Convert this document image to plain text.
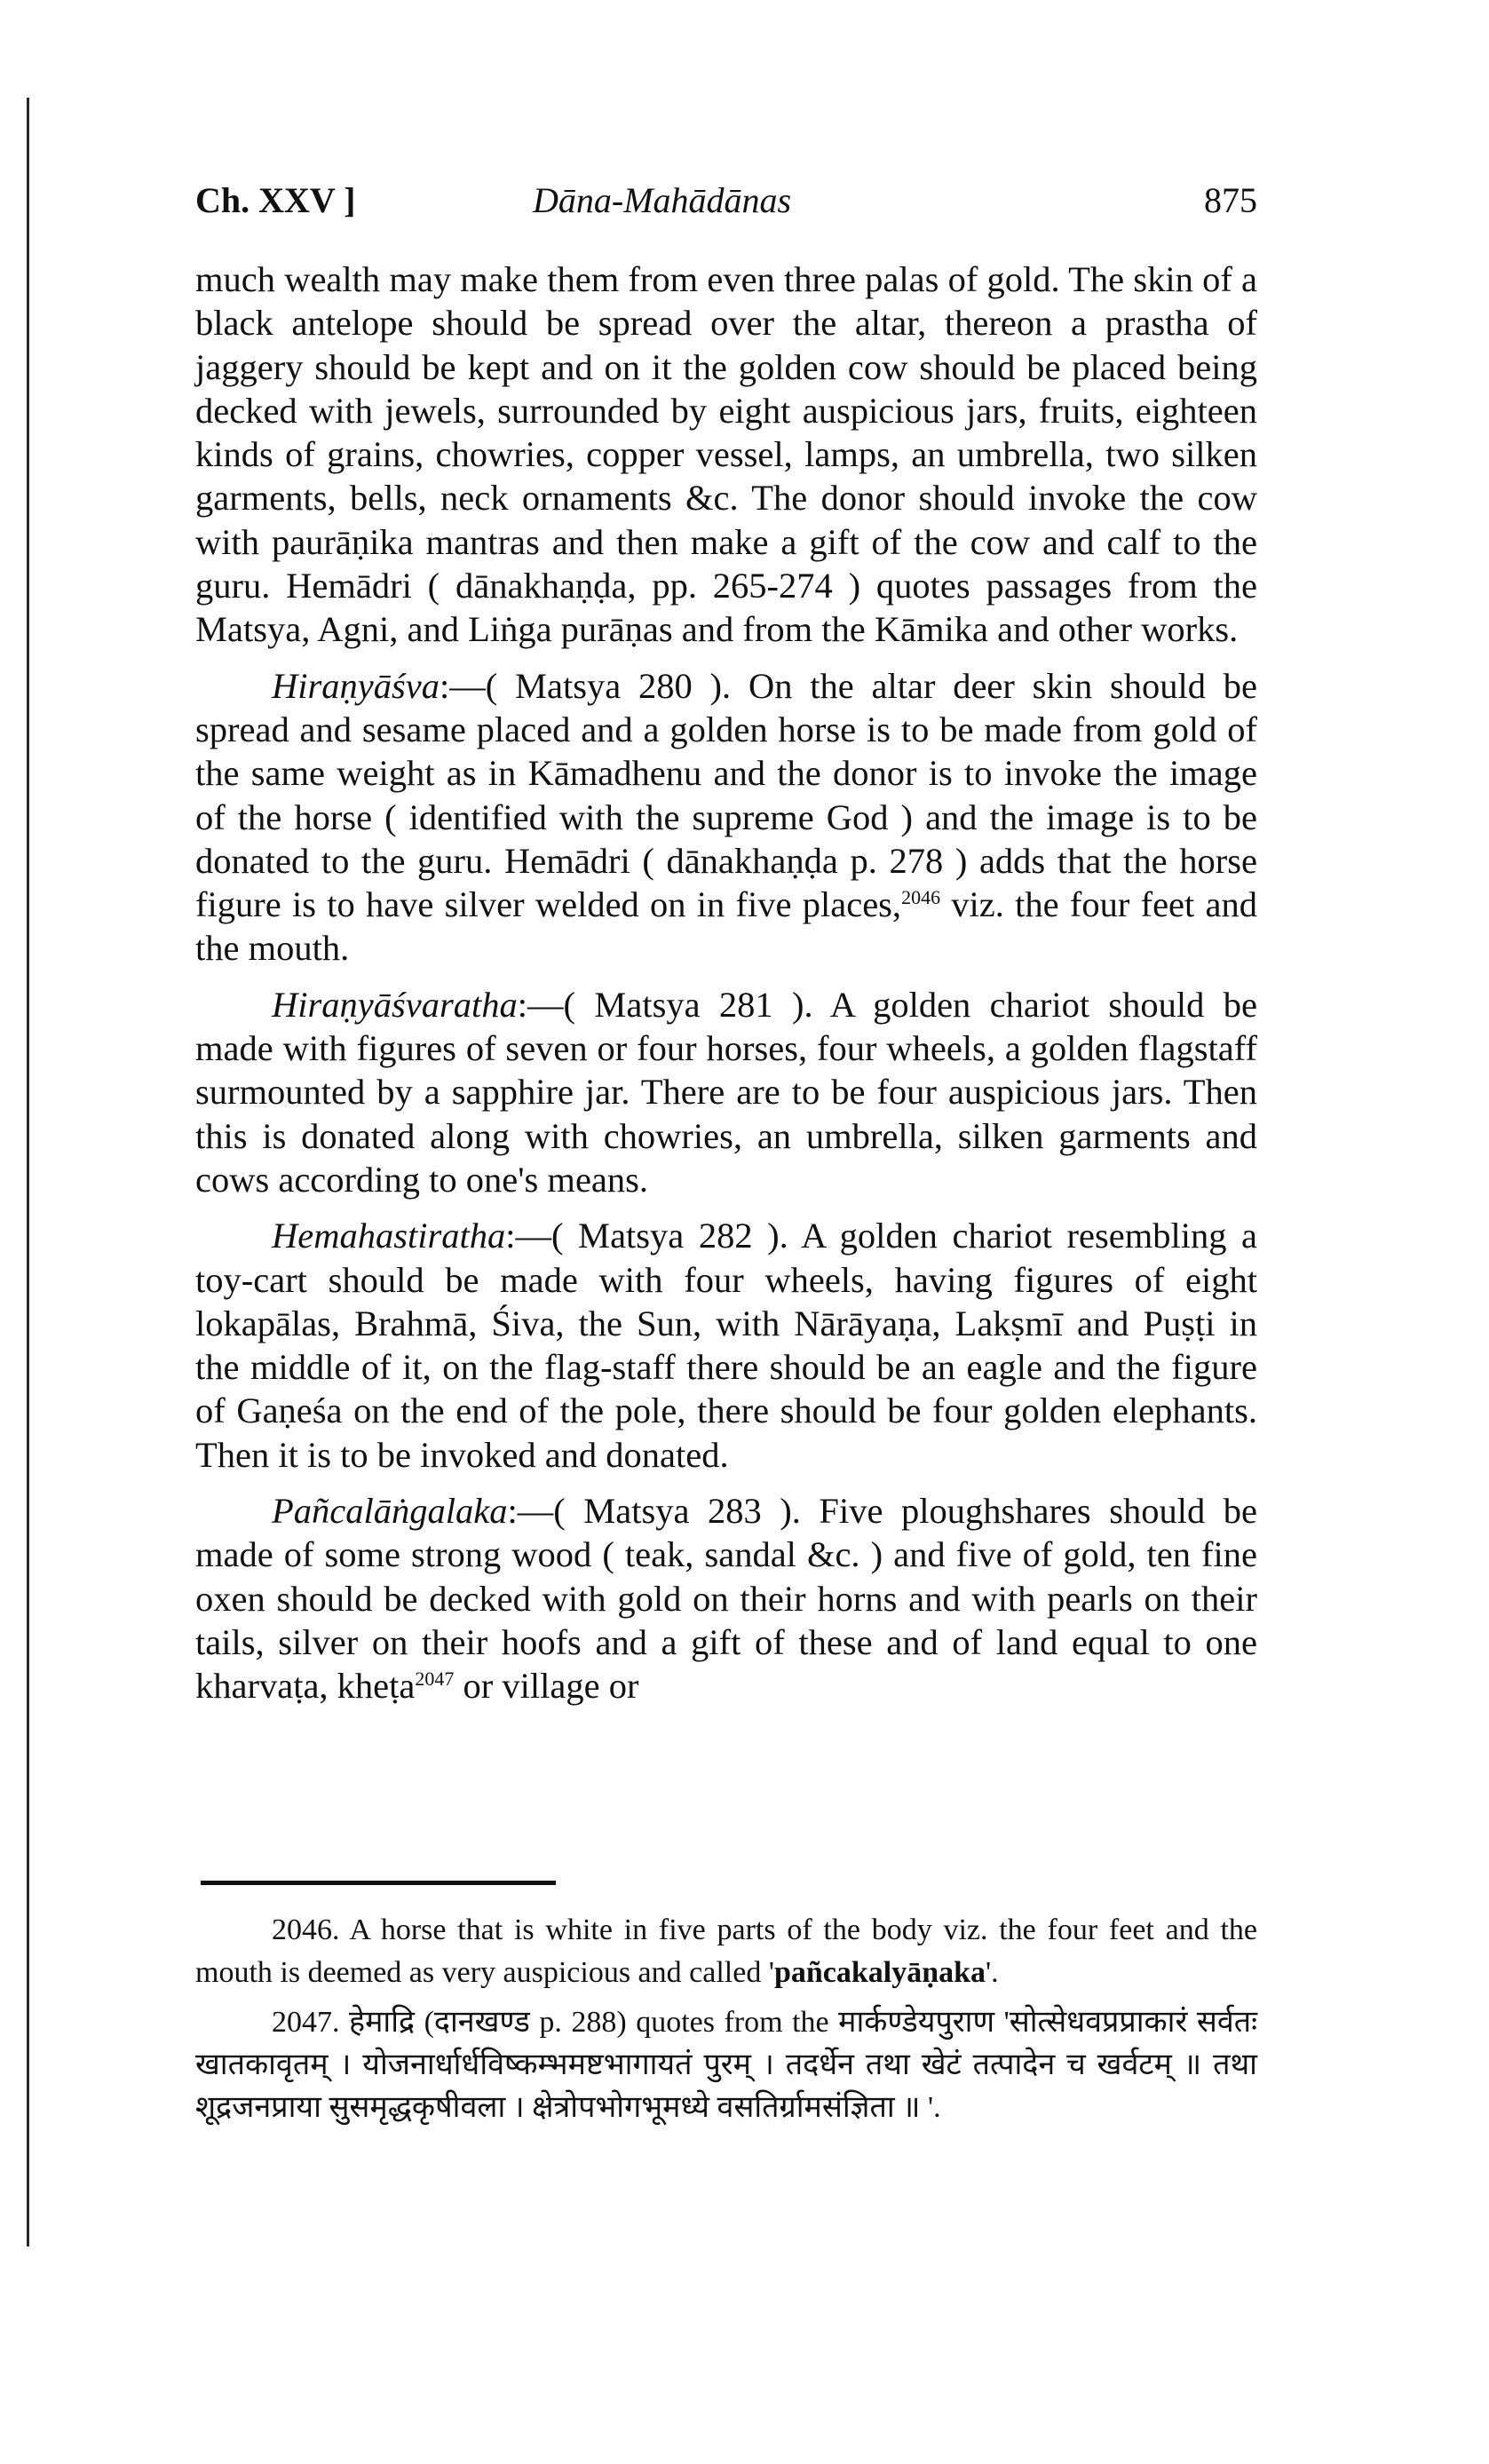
Ch. XXV ]	Dāna-Mahādānas	875

much wealth may make them from even three palas of gold. The skin of a black antelope should be spread over the altar, thereon a prastha of jaggery should be kept and on it the golden cow should be placed being decked with jewels, surrounded by eight auspicious jars, fruits, eighteen kinds of grains, chowries, copper vessel, lamps, an umbrella, two silken garments, bells, neck ornaments &c. The donor should invoke the cow with paurāṇika mantras and then make a gift of the cow and calf to the guru. Hemādri ( dānakhaṇḍa, pp. 265-274 ) quotes passages from the Matsya, Agni, and Liṅga purāṇas and from the Kāmika and other works.

Hiraṇyāśva:—( Matsya 280 ). On the altar deer skin should be spread and sesame placed and a golden horse is to be made from gold of the same weight as in Kāmadhenu and the donor is to invoke the image of the horse ( identified with the supreme God ) and the image is to be donated to the guru. Hemādri ( dānakhaṇḍa p. 278 ) adds that the horse figure is to have silver welded on in five places,$^{2046}$ viz. the four feet and the mouth.

Hiraṇyāśvaratha:—( Matsya 281 ). A golden chariot should be made with figures of seven or four horses, four wheels, a golden flagstaff surmounted by a sapphire jar. There are to be four auspicious jars. Then this is donated along with chowries, an umbrella, silken garments and cows according to one's means.

Hemahastiratha:—( Matsya 282 ). A golden chariot resembling a toy-cart should be made with four wheels, having figures of eight lokapālas, Brahmā, Śiva, the Sun, with Nārāyaṇa, Lakṣmī and Puṣṭi in the middle of it, on the flag-staff there should be an eagle and the figure of Gaṇeśa on the end of the pole, there should be four golden elephants. Then it is to be invoked and donated.

Pañcalāṅgalaka:—( Matsya 283 ). Five ploughshares should be made of some strong wood ( teak, sandal &c. ) and five of gold, ten fine oxen should be decked with gold on their horns and with pearls on their tails, silver on their hoofs and a gift of these and of land equal to one kharvaṭa, kheṭa$^{2047}$ or village or

2046. A horse that is white in five parts of the body viz. the four feet and the mouth is deemed as very auspicious and called 'pañcakalyāṇaka'.

2047. हेमाद्रि (दानखण्ड p. 288) quotes from the मार्कण्डेयपुराण 'सोत्सेधवप्रप्राकारं सर्वतः खातकावृतम् । योजनार्धार्धविष्कम्भमष्टभागायतं पुरम् । तदर्धेन तथा खेटं तत्पादेन च खर्वटम् ॥ तथा शूद्रजनप्राया सुसमृद्धकृषीवला । क्षेत्रोपभोगभूमध्ये वसतिर्ग्रामसंज्ञिता ॥ '.
